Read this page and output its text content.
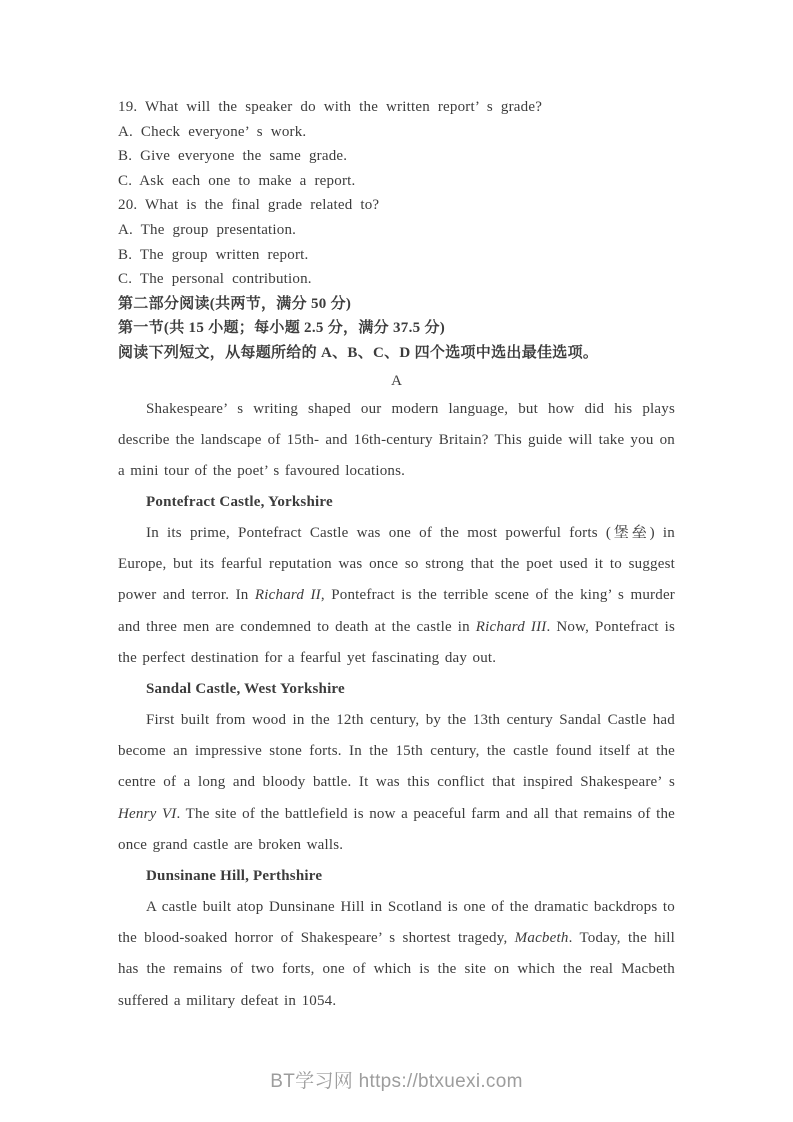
19. What will the speaker do with the written report’ s grade?
A. Check everyone’ s work.
B. Give everyone the same grade.
C. Ask each one to make a report.
20. What is the final grade related to?
A. The group presentation.
B. The group written report.
C. The personal contribution.
第二部分阅读(共两节，满分 50 分)
第一节(共 15 小题；每小题 2.5 分，满分 37.5 分)
阅读下列短文，从每题所给的 A、B、C、D 四个选项中选出最佳选项。
A

Shakespeare’ s writing shaped our modern language, but how did his plays describe the landscape of 15th- and 16th-century Britain? This guide will take you on a mini tour of the poet’ s favoured locations.

Pontefract Castle, Yorkshire

In its prime, Pontefract Castle was one of the most powerful forts (堡垒) in Europe, but its fearful reputation was once so strong that the poet used it to suggest power and terror. In Richard II, Pontefract is the terrible scene of the king’ s murder and three men are condemned to death at the castle in Richard III. Now, Pontefract is the perfect destination for a fearful yet fascinating day out.

Sandal Castle, West Yorkshire

First built from wood in the 12th century, by the 13th century Sandal Castle had become an impressive stone forts. In the 15th century, the castle found itself at the centre of a long and bloody battle. It was this conflict that inspired Shakespeare’ s Henry VI. The site of the battlefield is now a peaceful farm and all that remains of the once grand castle are broken walls.

Dunsinane Hill, Perthshire

A castle built atop Dunsinane Hill in Scotland is one of the dramatic backdrops to the blood-soaked horror of Shakespeare’ s shortest tragedy, Macbeth. Today, the hill has the remains of two forts, one of which is the site on which the real Macbeth suffered a military defeat in 1054.

BT学习网 https://btxuexi.com
